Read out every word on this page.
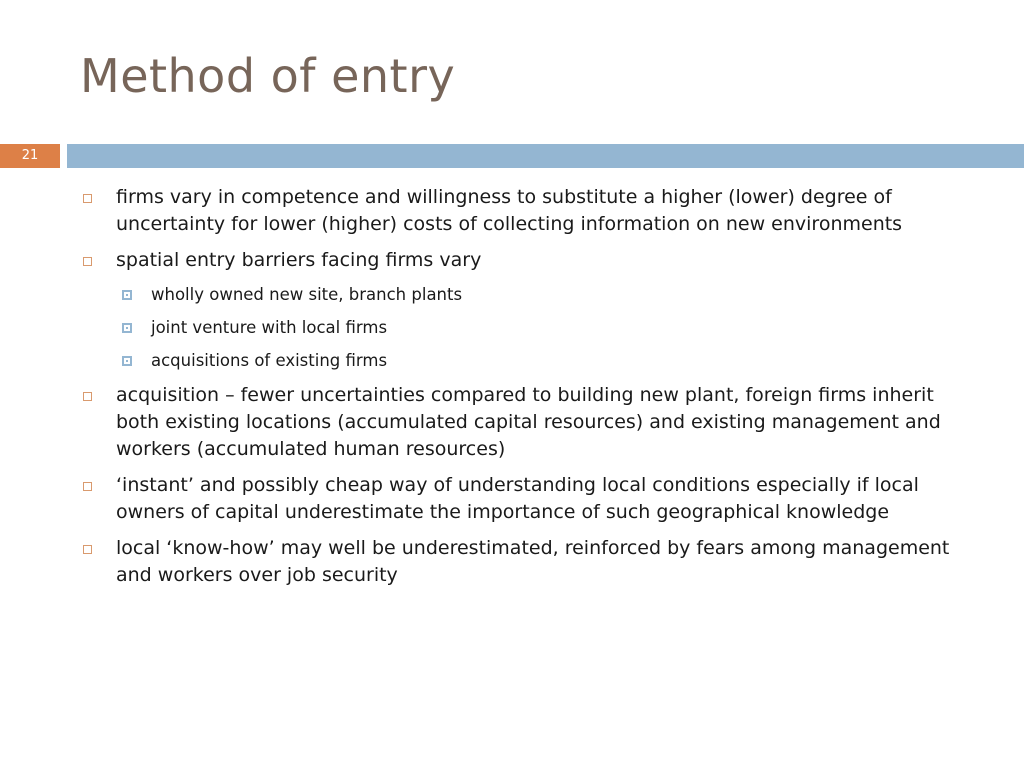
Method of entry
21
firms vary in competence and willingness to substitute a higher (lower) degree of uncertainty for lower (higher) costs of collecting information on new environments
spatial entry barriers facing firms vary
wholly owned new site, branch plants
joint venture with local firms
acquisitions of existing firms
acquisition – fewer uncertainties compared to building new plant, foreign firms inherit both existing locations (accumulated capital resources) and existing management and workers (accumulated human resources)
‘instant’ and possibly cheap way of understanding local conditions especially if local owners of capital underestimate the importance of such geographical knowledge
local ‘know-how’ may well be underestimated, reinforced by fears among management and workers over job security
